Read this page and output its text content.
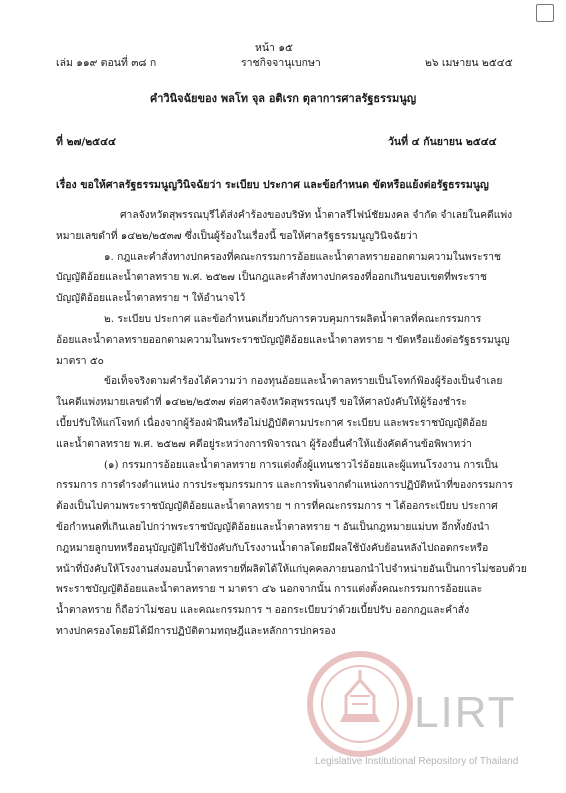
หน้า ๑๕
เล่ม ๑๑๙ ตอนที่ ๓๘ ก	ราชกิจจานุเบกษา	๒๖ เมษายน ๒๕๔๕
คำวินิจฉัยของ พลโท จุล อติเรก ตุลาการศาลรัฐธรรมนูญ
ที่ ๒๗/๒๕๔๔	วันที่ ๔ กันยายน ๒๕๔๔
เรื่อง ขอให้ศาลรัฐธรรมนูญวินิจฉัยว่า ระเบียบ ประกาศ และข้อกำหนด ขัดหรือแย้งต่อรัฐธรรมนูญ
ศาลจังหวัดสุพรรณบุรีได้ส่งคำร้องของบริษัท น้ำตาลรีไฟน์ชัยมงคล จำกัด จำเลยในคดีแพ่ง
หมายเลขดำที่ ๑๔๒๒/๒๕๓๗ ซึ่งเป็นผู้ร้องในเรื่องนี้ ขอให้ศาลรัฐธรรมนูญวินิจฉัยว่า
๑. กฎและคำสั่งทางปกครองที่คณะกรรมการอ้อยและน้ำตาลทรายออกตามความในพระราช
บัญญัติอ้อยและน้ำตาลทราย พ.ศ. ๒๕๒๗ เป็นกฎและคำสั่งทางปกครองที่ออกเกินขอบเขตที่พระราช
บัญญัติอ้อยและน้ำตาลทราย ฯ ให้อำนาจไว้
๒. ระเบียบ ประกาศ และข้อกำหนดเกี่ยวกับการควบคุมการผลิตน้ำตาลที่คณะกรรมการ
อ้อยและน้ำตาลทรายออกตามความในพระราชบัญญัติอ้อยและน้ำตาลทราย ฯ ขัดหรือแย้งต่อรัฐธรรมนูญ
มาตรา ๕๐
ข้อเท็จจริงตามคำร้องได้ความว่า กองทุนอ้อยและน้ำตาลทรายเป็นโจทก์ฟ้องผู้ร้องเป็นจำเลย
ในคดีแพ่งหมายเลขดำที่ ๑๔๒๒/๒๕๓๗ ต่อศาลจังหวัดสุพรรณบุรี ขอให้ศาลบังคับให้ผู้ร้องชำระ
เบี้ยปรับให้แก่โจทก์ เนื่องจากผู้ร้องฝ่าฝืนหรือไม่ปฏิบัติตามประกาศ ระเบียบ และพระราชบัญญัติอ้อย
และน้ำตาลทราย พ.ศ. ๒๕๒๗ คดีอยู่ระหว่างการพิจารณา ผู้ร้องยื่นคำให้แย้งคัดค้านข้อพิพาทว่า
(๑) กรรมการอ้อยและน้ำตาลทราย การแต่งตั้งผู้แทนชาวไร่อ้อยและผู้แทนโรงงาน การเป็น
กรรมการ การดำรงตำแหน่ง การประชุมกรรมการ และการพ้นจากตำแหน่งการปฏิบัติหน้าที่ของกรรมการ
ต้องเป็นไปตามพระราชบัญญัติอ้อยและน้ำตาลทราย ฯ การที่คณะกรรมการ ฯ ได้ออกระเบียบ ประกาศ
ข้อกำหนดที่เกินเลยไปกว่าพระราชบัญญัติอ้อยและน้ำตาลทราย ฯ อันเป็นกฎหมายแม่บท อีกทั้งยังนำ
กฎหมายลูกบทหรืออนุบัญญัติไปใช้บังคับกับโรงงานน้ำตาลโดยมีผลใช้บังคับย้อนหลังไปถอดกระหรือ
หน้าที่บังคับให้โรงงานส่งมอบน้ำตาลทรายที่ผลิตได้ให้แก่บุคคลภายนอกนำไปจำหน่ายอันเป็นการไม่ชอบด้วย
พระราชบัญญัติอ้อยและน้ำตาลทราย ฯ มาตรา ๔๖ นอกจากนั้น การแต่งตั้งคณะกรรมการอ้อยและ
น้ำตาลทราย ก็ถือว่าไม่ชอบ และคณะกรรมการ ฯ ออกระเบียบว่าด้วยเบี้ยปรับ ออกกฎและคำสั่ง
ทางปกครองโดยมิได้มีการปฏิบัติตามทฤษฎีและหลักการปกครอง
LIRT
Legislative Institutional Repository of Thailand
